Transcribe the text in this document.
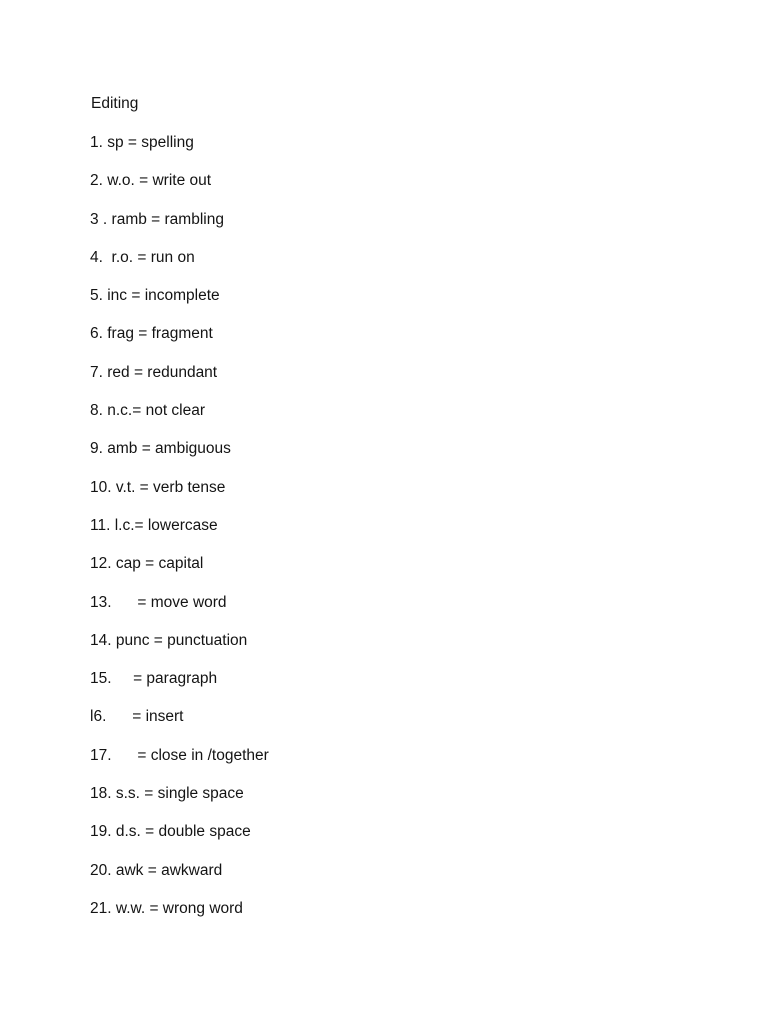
Editing
1. sp = spelling
2. w.o. = write out
3 . ramb = rambling
4.  r.o. = run on
5. inc = incomplete
6. frag = fragment
7. red = redundant
8. n.c.= not clear
9. amb = ambiguous
10. v.t. = verb tense
11. l.c.= lowercase
12. cap = capital
13.      = move word
14. punc = punctuation
15.     = paragraph
l6.      = insert
17.      = close in /together
18. s.s. = single space
19. d.s. = double space
20. awk = awkward
21. w.w. = wrong word
